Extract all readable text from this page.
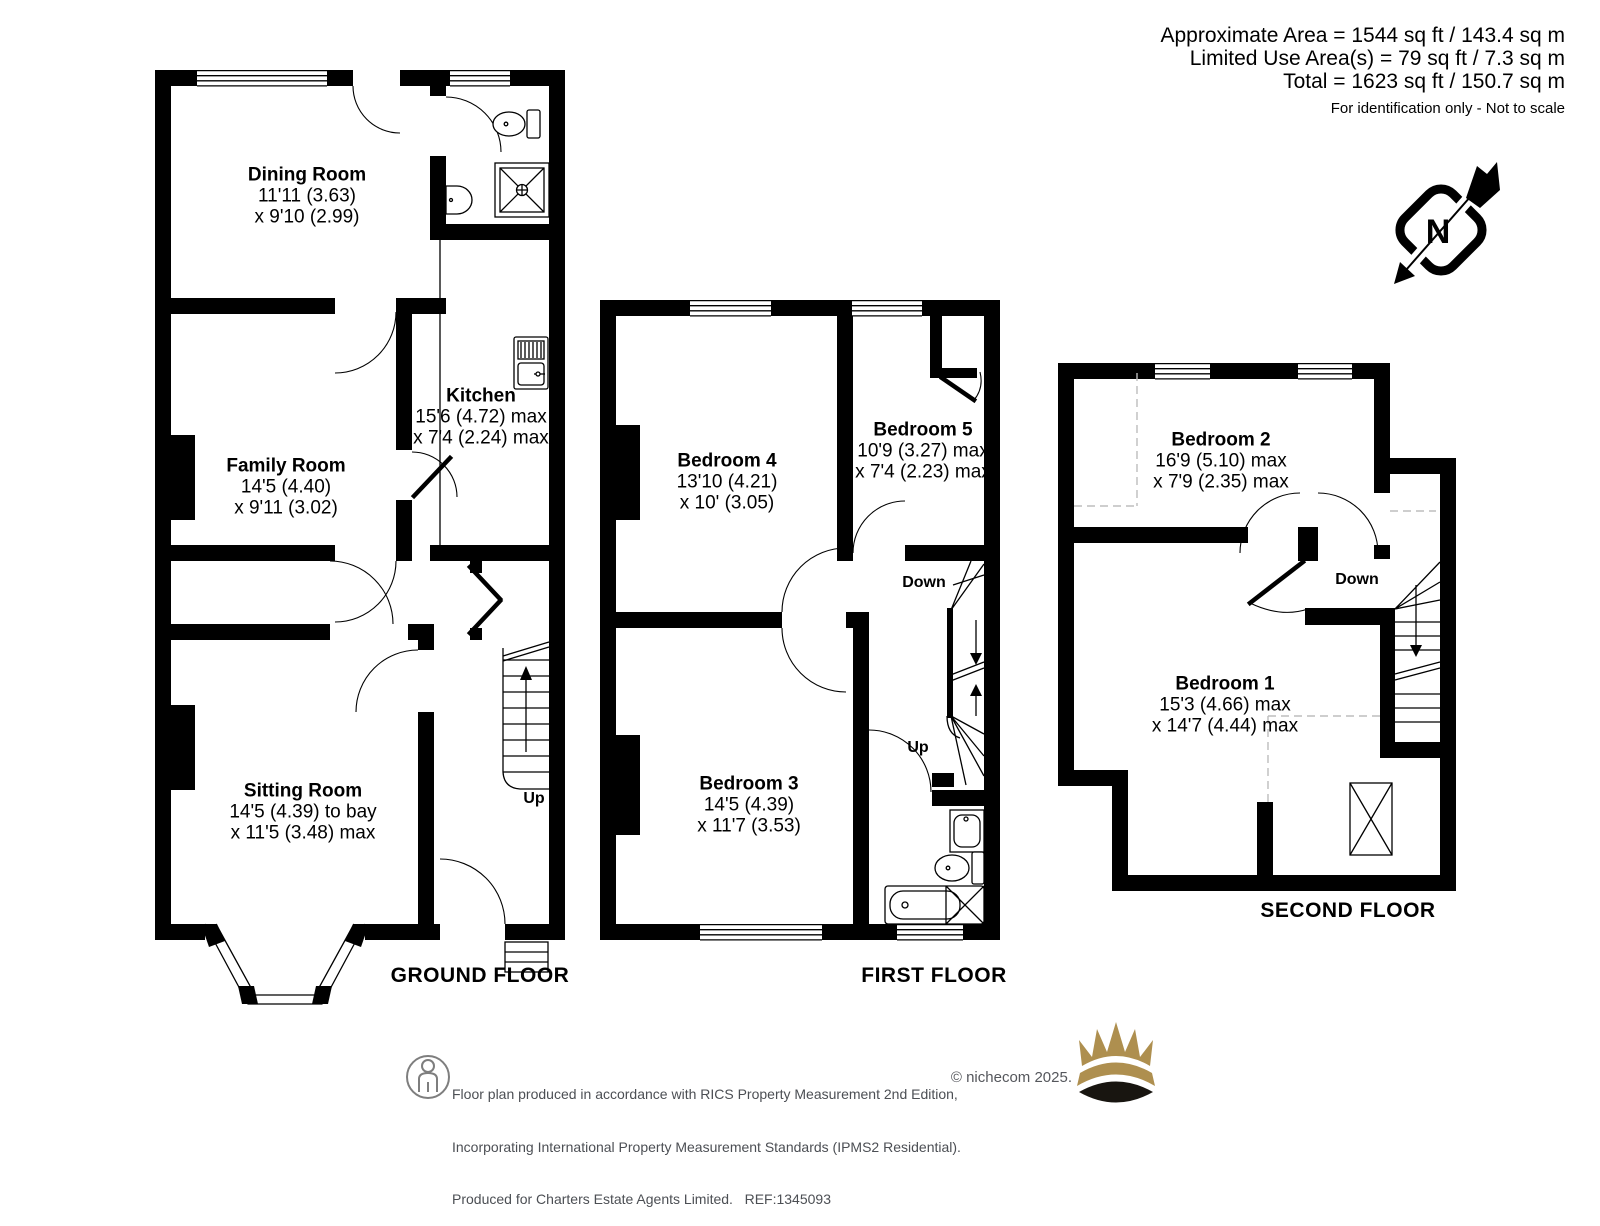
N
Approximate Area = 1544 sq ft / 143.4 sq m
Limited Use Area(s) = 79 sq ft / 7.3 sq m
Total = 1623 sq ft / 150.7 sq m
For identification only - Not to scale
Dining Room
11'11 (3.63)
x 9'10 (2.99)
Family Room
14'5 (4.40)
x 9'11 (3.02)
Kitchen
15'6 (4.72) max
x 7'4 (2.24) max
Sitting Room
14'5 (4.39) to bay
x 11'5 (3.48) max
Bedroom 4
13'10 (4.21)
x 10' (3.05)
Bedroom 5
10'9 (3.27) max
x 7'4 (2.23) max
Bedroom 3
14'5 (4.39)
x 11'7 (3.53)
Bedroom 2
16'9 (5.10) max
x 7'9 (2.35) max
Bedroom 1
15'3 (4.66) max
x 14'7 (4.44) max
Up
Down
Up
Down
GROUND FLOOR	FIRST FLOOR
SECOND FLOOR

Floor plan produced in accordance with RICS Property Measurement 2nd Edition,

Incorporating International Property Measurement Standards (IPMS2 Residential).

Produced for Charters Estate Agents Limited.   REF:1345093

© nichecom 2025.
